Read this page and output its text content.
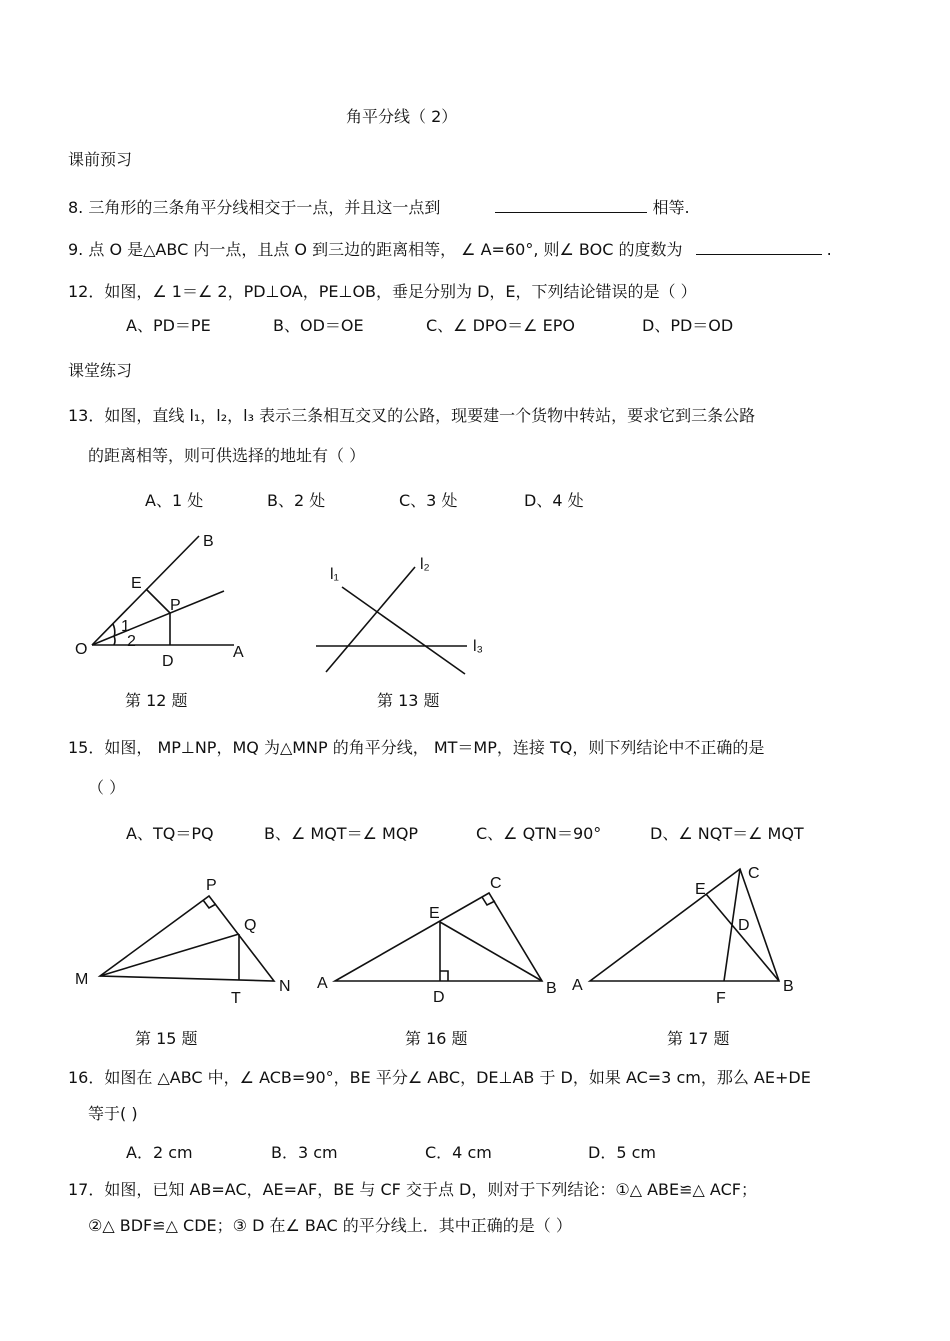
角平分线（ 2）
课前预习
8. 三角形的三条角平分线相交于一点，并且这一点到	相等.
9. 点 O 是△ABC 内一点，且点 O 到三边的距离相等， ∠ A=60°, 则∠ BOC 的度数为	.
12．如图，∠ 1＝∠ 2，PD⊥OA，PE⊥OB，垂足分别为 D，E，下列结论错误的是（ ）
A、PD＝PE	B、OD＝OE	C、∠ DPO＝∠ EPO	D、PD＝OD
课堂练习
13．如图，直线 l₁，l₂，l₃ 表示三条相互交叉的公路，现要建一个货物中转站，要求它到三条公路
的距离相等，则可供选择的地址有（ ）
A、1 处	B、2 处	C、3 处	D、4 处
第 12 题	第 13 题
15．如图， MP⊥NP，MQ 为△MNP 的角平分线， MT＝MP，连接 TQ，则下列结论中不正确的是
（ ）
A、TQ＝PQ	B、∠ MQT＝∠ MQP	C、∠ QTN＝90°	D、∠ NQT＝∠ MQT
第 15 题	第 16 题	第 17 题
16．如图在 △ABC 中，∠ ACB=90°，BE 平分∠ ABC，DE⊥AB 于 D，如果 AC=3 cm，那么 AE+DE
等于( )
A．2 cm	B．3 cm	C．4 cm	D．5 cm
17．如图，已知 AB=AC，AE=AF，BE 与 CF 交于点 D，则对于下列结论：①△ ABE≌△ ACF；
②△ BDF≌△ CDE；③ D 在∠ BAC 的平分线上．其中正确的是（ ）
B
E
P
1
2
O
D
A
l₁
l₂
l₃
P
Q
M
T
N
C
E
A
D
B
C
E
D
A
F
B
